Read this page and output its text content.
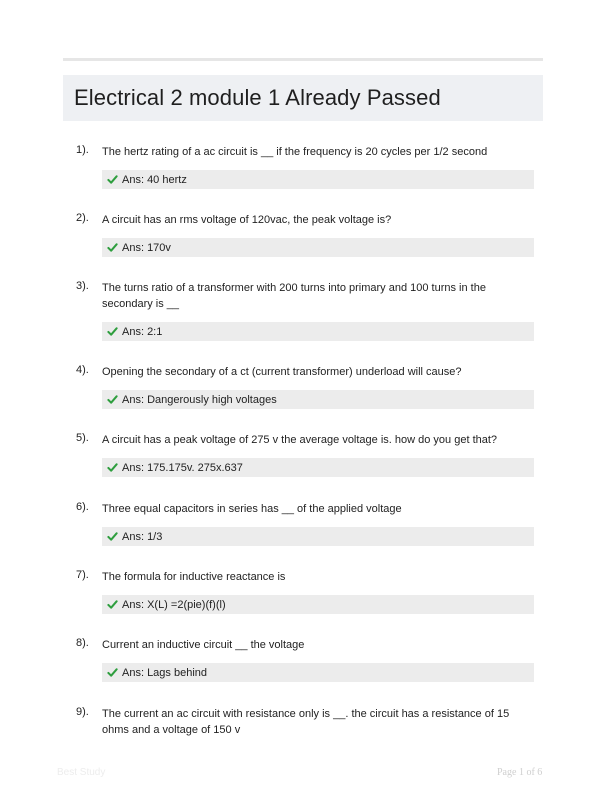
Electrical 2 module 1 Already Passed
1). The hertz rating of a ac circuit is __ if the frequency is 20 cycles per 1/2 second
Ans: 40 hertz
2). A circuit has an rms voltage of 120vac, the peak voltage is?
Ans: 170v
3). The turns ratio of a transformer with 200 turns into primary and 100 turns in the secondary is __
Ans: 2:1
4). Opening the secondary of a ct (current transformer) underload will cause?
Ans: Dangerously high voltages
5). A circuit has a peak voltage of 275 v the average voltage is. how do you get that?
Ans: 175.175v. 275x.637
6). Three equal capacitors in series has __ of the applied voltage
Ans: 1/3
7). The formula for inductive reactance is
Ans: X(L) =2(pie)(f)(l)
8). Current an inductive circuit __ the voltage
Ans: Lags behind
9). The current an ac circuit with resistance only is __. the circuit has a resistance of 15 ohms and a voltage of 150 v
Best Study	Page 1 of 6
